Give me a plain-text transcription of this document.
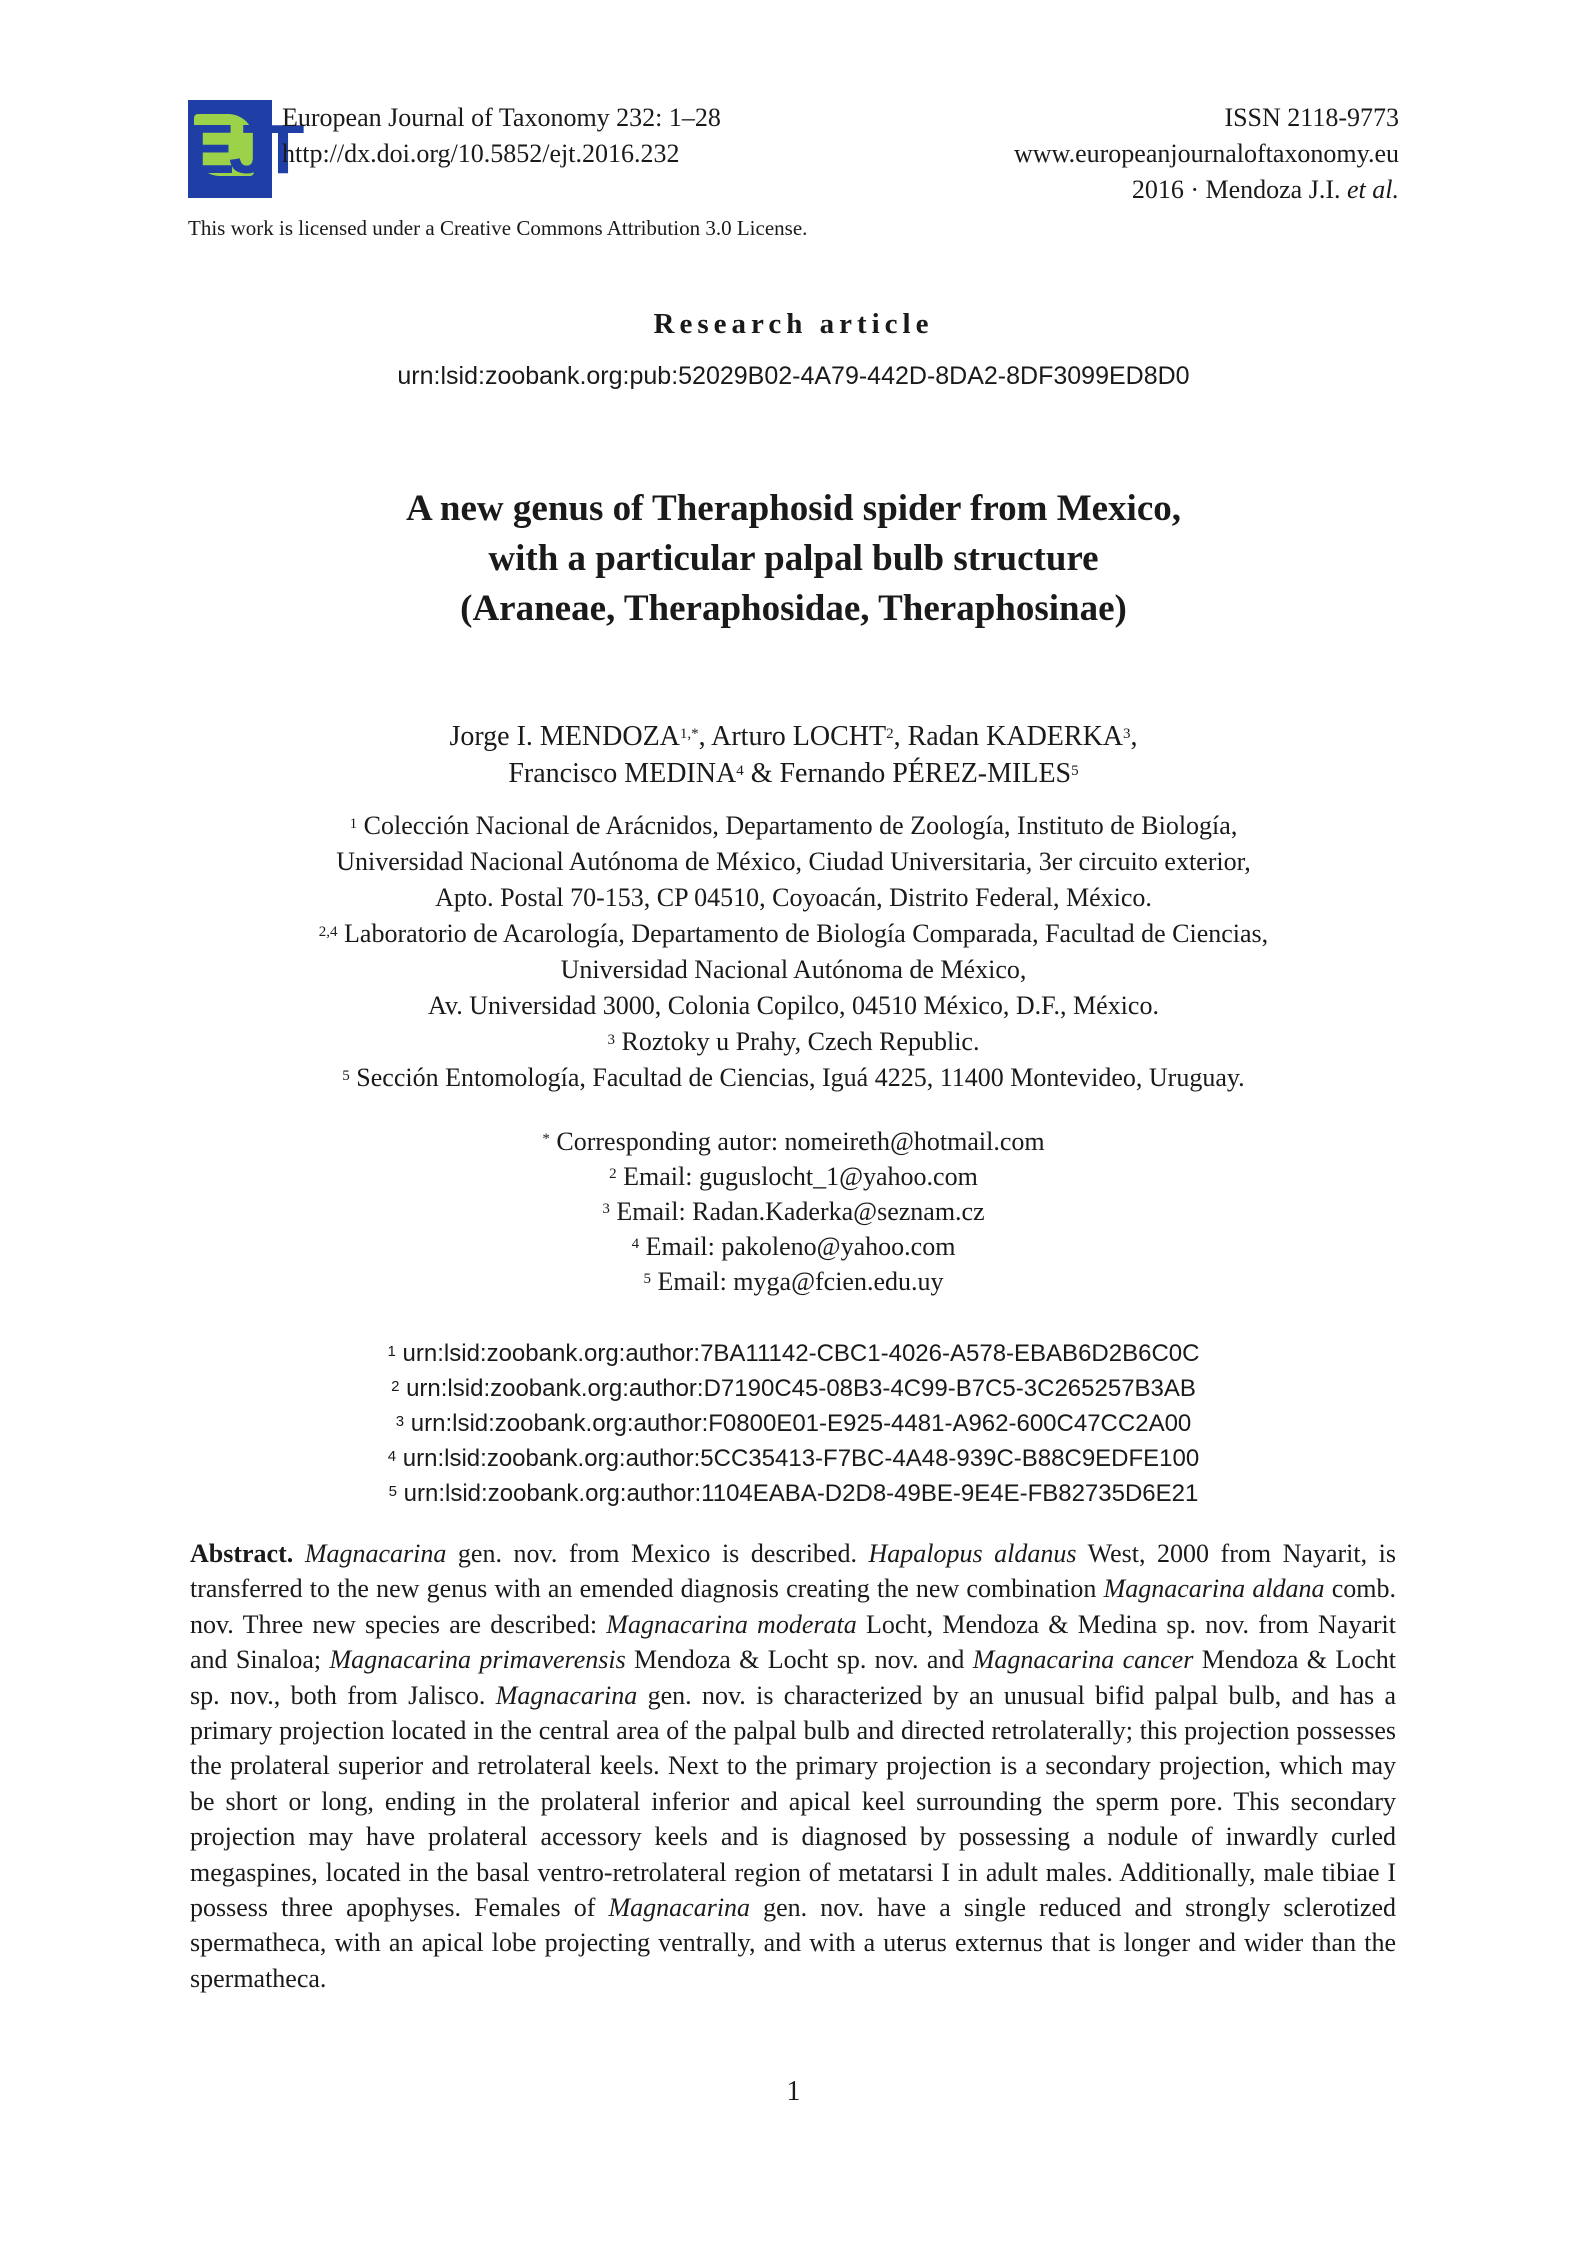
EJT
European Journal of Taxonomy 232: 1–28
http://dx.doi.org/10.5852/ejt.2016.232
ISSN 2118-9773
www.europeanjournaloftaxonomy.eu
2016 · Mendoza J.I. et al.
This work is licensed under a Creative Commons Attribution 3.0 License.
Research article
urn:lsid:zoobank.org:pub:52029B02-4A79-442D-8DA2-8DF3099ED8D0
A new genus of Theraphosid spider from Mexico,
with a particular palpal bulb structure
(Araneae, Theraphosidae, Theraphosinae)
Jorge I. $MENDOZA^{1,*}$, Arturo LOCHT$^2$, Radan KADERKA$^3$,
Francisco MEDINA$^4$ & Fernando PÉREZ-MILES$^5$
$^1$ Colección Nacional de Arácnidos, Departamento de Zoología, Instituto de Biología,
Universidad Nacional Autónoma de México, Ciudad Universitaria, 3er circuito exterior,
Apto. Postal 70-153, CP 04510, Coyoacán, Distrito Federal, México.
$^{2,4}$ Laboratorio de Acarología, Departamento de Biología Comparada, Facultad de Ciencias,
Universidad Nacional Autónoma de México,
Av. Universidad 3000, Colonia Copilco, 04510 México, D.F., México.
$^3$ Roztoky u Prahy, Czech Republic.
$^5$ Sección Entomología, Facultad de Ciencias, Iguá 4225, 11400 Montevideo, Uruguay.
* Corresponding autor: nomeireth@hotmail.com
$^2$ Email: guguslocht_1@yahoo.com
$^3$ Email: Radan.Kaderka@seznam.cz
$^4$ Email: pakoleno@yahoo.com
$^5$ Email: myga@fcien.edu.uy
$^1$ urn:lsid:zoobank.org:author:7BA11142-CBC1-4026-A578-EBAB6D2B6C0C
$^2$ urn:lsid:zoobank.org:author:D7190C45-08B3-4C99-B7C5-3C265257B3AB
$^3$ urn:lsid:zoobank.org:author:F0800E01-E925-4481-A962-600C47CC2A00
$^4$ urn:lsid:zoobank.org:author:5CC35413-F7BC-4A48-939C-B88C9EDFE100
$^5$ urn:lsid:zoobank.org:author:1104EABA-D2D8-49BE-9E4E-FB82735D6E21
Abstract. Magnacarina gen. nov. from Mexico is described. Hapalopus aldanus West, 2000 from Nayarit, is transferred to the new genus with an emended diagnosis creating the new combination Magnacarina aldana comb. nov. Three new species are described: Magnacarina moderata Locht, Mendoza & Medina sp. nov. from Nayarit and Sinaloa; Magnacarina primaverensis Mendoza & Locht sp. nov. and Magnacarina cancer Mendoza & Locht sp. nov., both from Jalisco. Magnacarina gen. nov. is characterized by an unusual bifid palpal bulb, and has a primary projection located in the central area of the palpal bulb and directed retrolaterally; this projection possesses the prolateral superior and retrolateral keels. Next to the primary projection is a secondary projection, which may be short or long, ending in the prolateral inferior and apical keel surrounding the sperm pore. This secondary projection may have prolateral accessory keels and is diagnosed by possessing a nodule of inwardly curled megaspines, located in the basal ventro-retrolateral region of metatarsi I in adult males. Additionally, male tibiae I possess three apophyses. Females of Magnacarina gen. nov. have a single reduced and strongly sclerotized spermatheca, with an apical lobe projecting ventrally, and with a uterus externus that is longer and wider than the spermatheca.
1
